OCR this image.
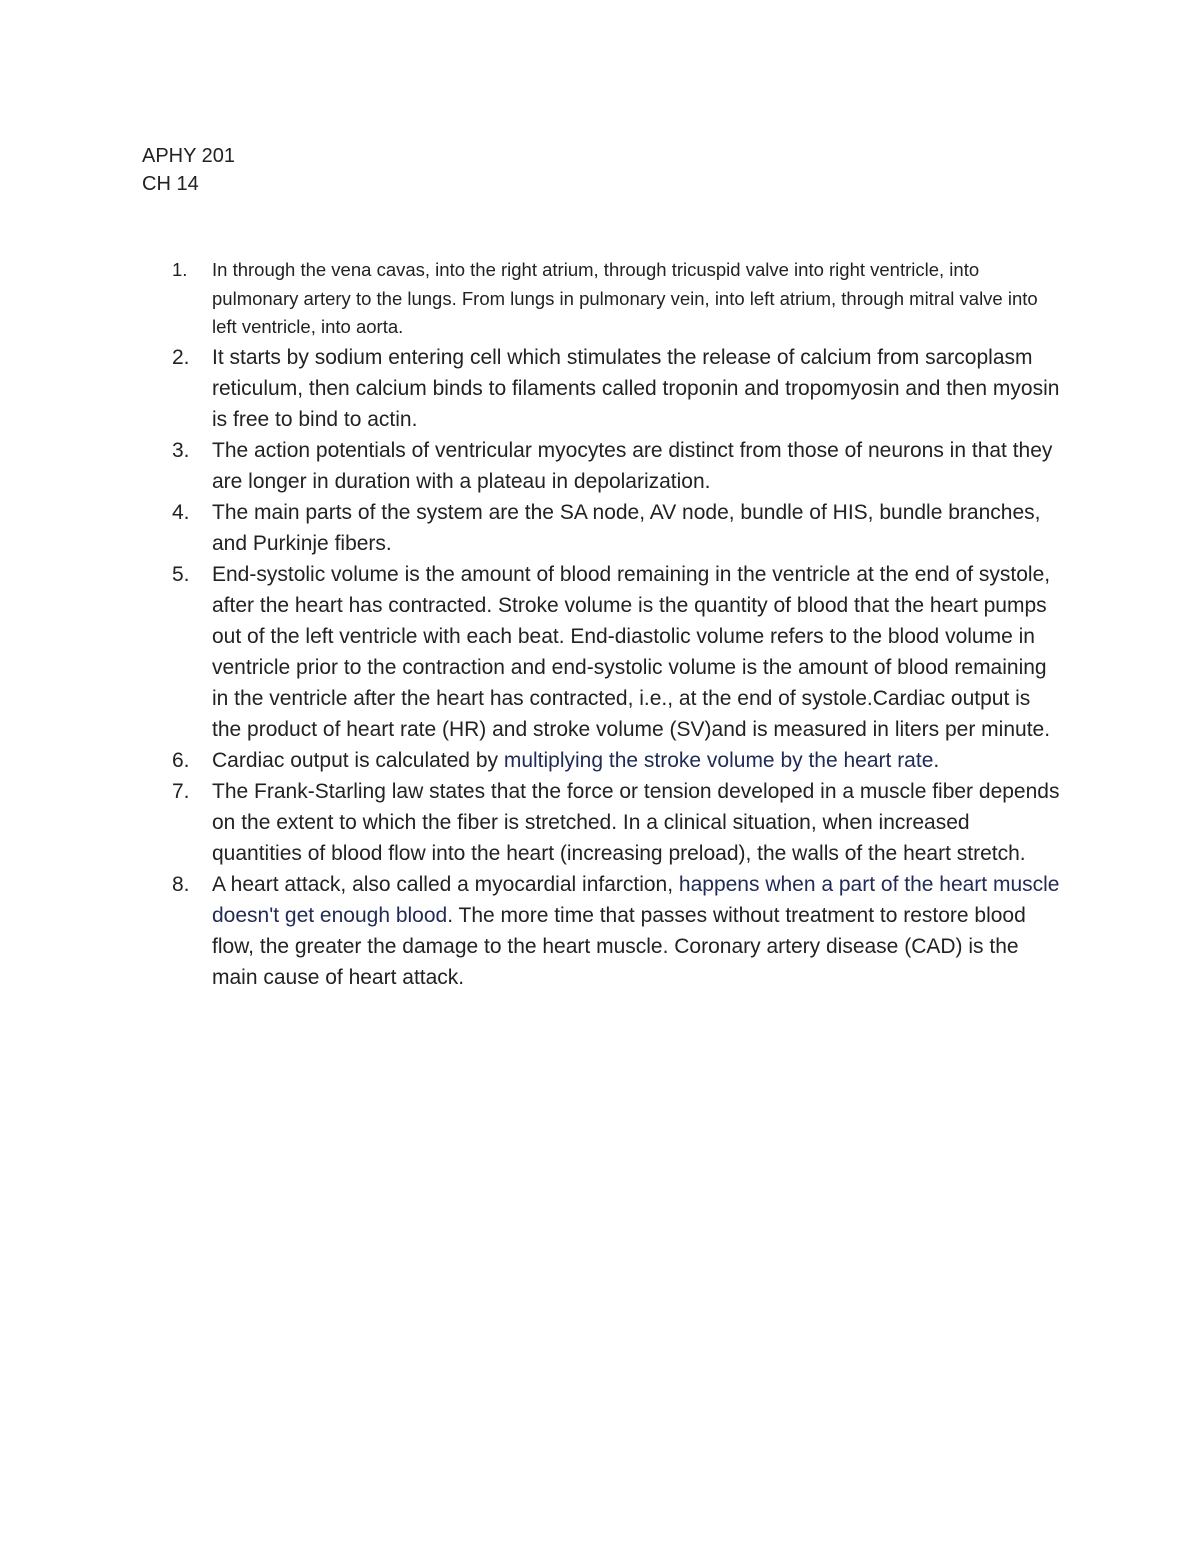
APHY 201
CH 14
1.	In through the vena cavas, into the right atrium, through tricuspid valve into right ventricle, into pulmonary artery to the lungs. From lungs in pulmonary vein, into left atrium, through mitral valve into left ventricle, into aorta.
2.	It starts by sodium entering cell which stimulates the release of calcium from sarcoplasm reticulum, then calcium binds to filaments called troponin and tropomyosin and then myosin is free to bind to actin.
3.	The action potentials of ventricular myocytes are distinct from those of neurons in that they are longer in duration with a plateau in depolarization.
4.	The main parts of the system are the SA node, AV node, bundle of HIS, bundle branches, and Purkinje fibers.
5.	End-systolic volume is the amount of blood remaining in the ventricle at the end of systole, after the heart has contracted. Stroke volume is the quantity of blood that the heart pumps out of the left ventricle with each beat. End-diastolic volume refers to the blood volume in ventricle prior to the contraction and end-systolic volume is the amount of blood remaining in the ventricle after the heart has contracted, i.e., at the end of systole.Cardiac output is the product of heart rate (HR) and stroke volume (SV)and is measured in liters per minute.
6.	Cardiac output is calculated by multiplying the stroke volume by the heart rate.
7.	The Frank-Starling law states that the force or tension developed in a muscle fiber depends on the extent to which the fiber is stretched. In a clinical situation, when increased quantities of blood flow into the heart (increasing preload), the walls of the heart stretch.
8.	A heart attack, also called a myocardial infarction, happens when a part of the heart muscle doesn't get enough blood. The more time that passes without treatment to restore blood flow, the greater the damage to the heart muscle. Coronary artery disease (CAD) is the main cause of heart attack.
